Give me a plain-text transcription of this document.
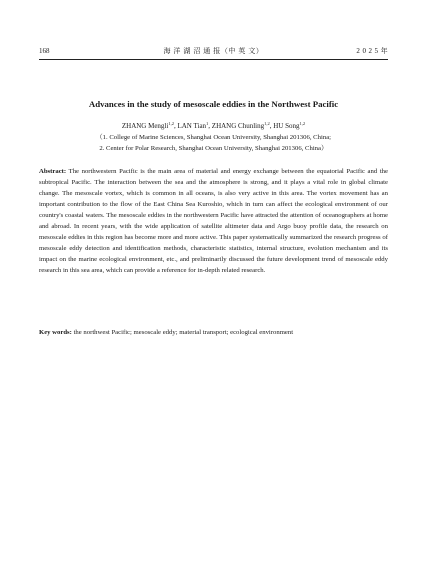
168	海 洋 湖 沼 通 报（中 英 文）	2 0 2 5 年
Advances in the study of mesoscale eddies in the Northwest Pacific
ZHANG Mengli$^{1,2}$, LAN Tian$^1$, ZHANG Chunling$^{1,2}$, HU Song$^{1,2}$
（1. College of Marine Sciences, Shanghai Ocean University, Shanghai 201306, China;
2. Center for Polar Research, Shanghai Ocean University, Shanghai 201306, China）
Abstract: The northwestern Pacific is the main area of material and energy exchange between the equatorial Pacific and the subtropical Pacific. The interaction between the sea and the atmosphere is strong, and it plays a vital role in global climate change. The mesoscale vortex, which is common in all oceans, is also very active in this area. The vortex movement has an important contribution to the flow of the East China Sea Kuroshio, which in turn can affect the ecological environment of our country's coastal waters. The mesoscale eddies in the northwestern Pacific have attracted the attention of oceanographers at home and abroad. In recent years, with the wide application of satellite altimeter data and Argo buoy profile data, the research on mesoscale eddies in this region has become more and more active. This paper systematically summarized the research progress of mesoscale eddy detection and identification methods, characteristic statistics, internal structure, evolution mechanism and its impact on the marine ecological environment, etc., and preliminarily discussed the future development trend of mesoscale eddy research in this sea area, which can provide a reference for in-depth related research.
Key words: the northwest Pacific; mesoscale eddy; material transport; ecological environment
